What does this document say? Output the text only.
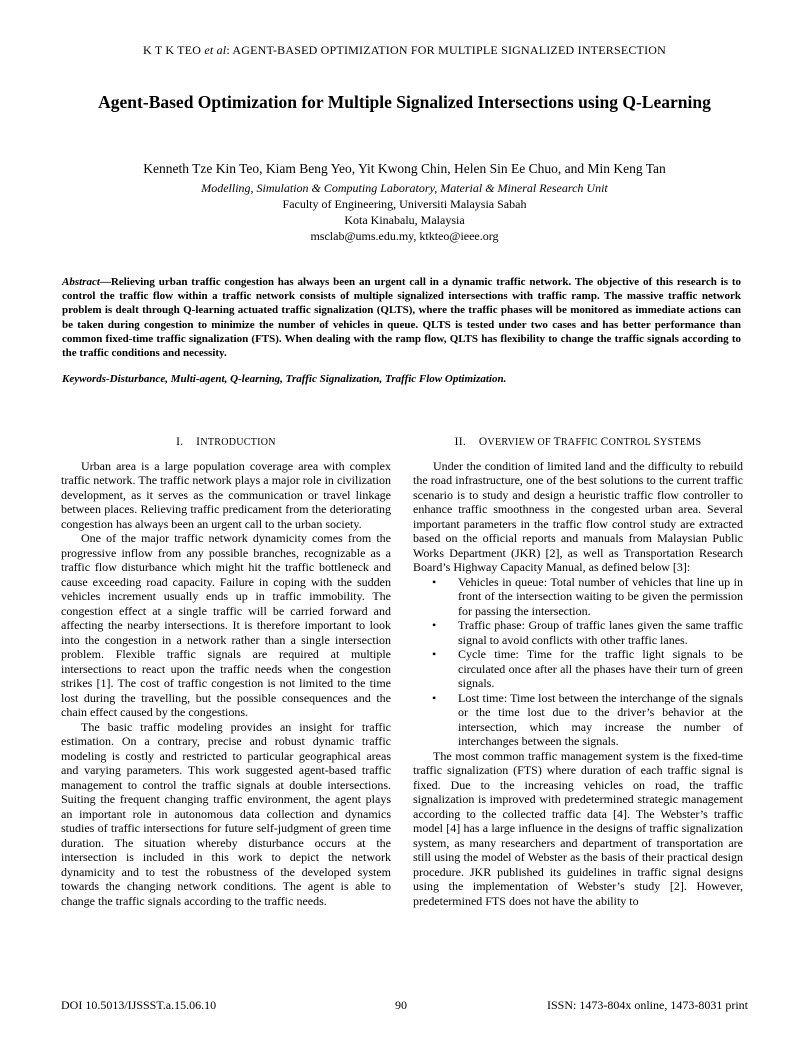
K T K TEO et al: AGENT-BASED OPTIMIZATION FOR MULTIPLE SIGNALIZED INTERSECTION
Agent-Based Optimization for Multiple Signalized Intersections using Q-Learning
Kenneth Tze Kin Teo, Kiam Beng Yeo, Yit Kwong Chin, Helen Sin Ee Chuo, and Min Keng Tan
Modelling, Simulation & Computing Laboratory, Material & Mineral Research Unit
Faculty of Engineering, Universiti Malaysia Sabah
Kota Kinabalu, Malaysia
msclab@ums.edu.my, ktkteo@ieee.org
Abstract—Relieving urban traffic congestion has always been an urgent call in a dynamic traffic network. The objective of this research is to control the traffic flow within a traffic network consists of multiple signalized intersections with traffic ramp. The massive traffic network problem is dealt through Q-learning actuated traffic signalization (QLTS), where the traffic phases will be monitored as immediate actions can be taken during congestion to minimize the number of vehicles in queue. QLTS is tested under two cases and has better performance than common fixed-time traffic signalization (FTS). When dealing with the ramp flow, QLTS has flexibility to change the traffic signals according to the traffic conditions and necessity.
Keywords-Disturbance, Multi-agent, Q-learning, Traffic Signalization, Traffic Flow Optimization.
I. INTRODUCTION

Urban area is a large population coverage area with complex traffic network. The traffic network plays a major role in civilization development, as it serves as the communication or travel linkage between places. Relieving traffic predicament from the deteriorating congestion has always been an urgent call to the urban society.

One of the major traffic network dynamicity comes from the progressive inflow from any possible branches, recognizable as a traffic flow disturbance which might hit the traffic bottleneck and cause exceeding road capacity. Failure in coping with the sudden vehicles increment usually ends up in traffic immobility. The congestion effect at a single traffic will be carried forward and affecting the nearby intersections. It is therefore important to look into the congestion in a network rather than a single intersection problem. Flexible traffic signals are required at multiple intersections to react upon the traffic needs when the congestion strikes [1]. The cost of traffic congestion is not limited to the time lost during the travelling, but the possible consequences and the chain effect caused by the congestions.

The basic traffic modeling provides an insight for traffic estimation. On a contrary, precise and robust dynamic traffic modeling is costly and restricted to particular geographical areas and varying parameters. This work suggested agent-based traffic management to control the traffic signals at double intersections. Suiting the frequent changing traffic environment, the agent plays an important role in autonomous data collection and dynamics studies of traffic intersections for future self-judgment of green time duration. The situation whereby disturbance occurs at the intersection is included in this work to depict the network dynamicity and to test the robustness of the developed system towards the changing network conditions. The agent is able to change the traffic signals according to the traffic needs.

II. OVERVIEW OF TRAFFIC CONTROL SYSTEMS

Under the condition of limited land and the difficulty to rebuild the road infrastructure, one of the best solutions to the current traffic scenario is to study and design a heuristic traffic flow controller to enhance traffic smoothness in the congested urban area. Several important parameters in the traffic flow control study are extracted based on the official reports and manuals from Malaysian Public Works Department (JKR) [2], as well as Transportation Research Board’s Highway Capacity Manual, as defined below [3]:

• Vehicles in queue: Total number of vehicles that line up in front of the intersection waiting to be given the permission for passing the intersection.
• Traffic phase: Group of traffic lanes given the same traffic signal to avoid conflicts with other traffic lanes.
• Cycle time: Time for the traffic light signals to be circulated once after all the phases have their turn of green signals.
• Lost time: Time lost between the interchange of the signals or the time lost due to the driver’s behavior at the intersection, which may increase the number of interchanges between the signals.

The most common traffic management system is the fixed-time traffic signalization (FTS) where duration of each traffic signal is fixed. Due to the increasing vehicles on road, the traffic signalization is improved with predetermined strategic management according to the collected traffic data [4]. The Webster’s traffic model [4] has a large influence in the designs of traffic signalization system, as many researchers and department of transportation are still using the model of Webster as the basis of their practical design procedure. JKR published its guidelines in traffic signal designs using the implementation of Webster’s study [2]. However, predetermined FTS does not have the ability to

DOI 10.5013/IJSSST.a.15.06.10	90	ISSN: 1473-804x online, 1473-8031 print
